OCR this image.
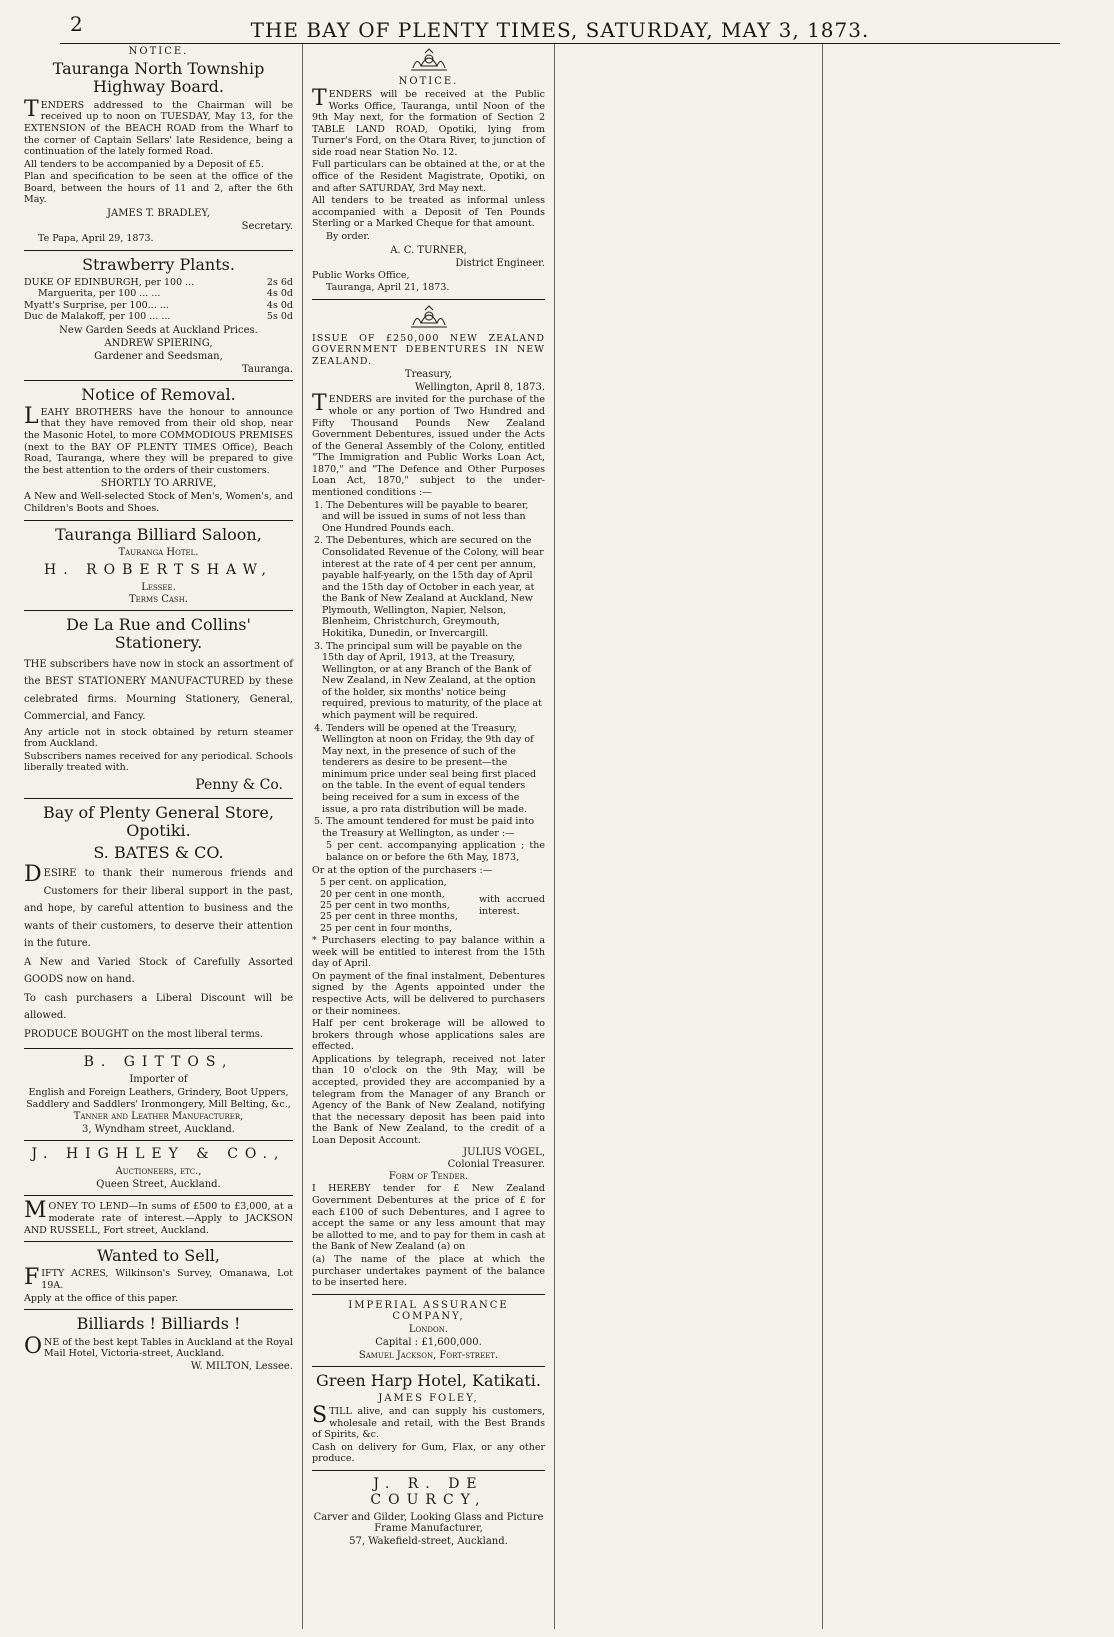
2	THE BAY OF PLENTY TIMES, SATURDAY, MAY 3, 1873.
NOTICE.
Tauranga North Township Highway Board.

TENDERS addressed to the Chairman will be received up to noon on TUESDAY, May 13, for the EXTENSION of the BEACH ROAD from the Wharf to the corner of Captain Sellars' late Residence, being a continuation of the lately formed Road.

All tenders to be accompanied by a Deposit of £5.

Plan and specification to be seen at the office of the Board, between the hours of 11 and 2, after the 6th May.

JAMES T. BRADLEY,

Secretary.

Te Papa, April 29, 1873.

Strawberry Plants.
DUKE OF EDINBURGH, per 100 ...	2s 6d
Marguerita, per 100 ... ...	4s 0d
Myatt's Surprise, per 100... ...	4s 0d
Duc de Malakoff, per 100 ... ...	5s 0d

New Garden Seeds at Auckland Prices.

ANDREW SPIERING,

Gardener and Seedsman,

Tauranga.

Notice of Removal.

LEAHY BROTHERS have the honour to announce that they have removed from their old shop, near the Masonic Hotel, to more COMMODIOUS PREMISES (next to the BAY OF PLENTY TIMES Office), Beach Road, Tauranga, where they will be prepared to give the best attention to the orders of their customers.

SHORTLY TO ARRIVE,

A New and Well-selected Stock of Men's, Women's, and Children's Boots and Shoes.

Tauranga Billiard Saloon,
Tauranga Hotel.
H. ROBERTSHAW,
Lessee.
Terms Cash.
De La Rue and Collins' Stationery.

THE subscribers have now in stock an assortment of the BEST STATIONERY MANUFACTURED by these celebrated firms. Mourning Stationery, General, Commercial, and Fancy.

Any article not in stock obtained by return steamer from Auckland.

Subscribers names received for any periodical. Schools liberally treated with.

Penny & Co.

Bay of Plenty General Store, Opotiki.
S. BATES & CO.

DESIRE to thank their numerous friends and Customers for their liberal support in the past, and hope, by careful attention to business and the wants of their customers, to deserve their attention in the future.

A New and Varied Stock of Carefully Assorted GOODS now on hand.

To cash purchasers a Liberal Discount will be allowed.

PRODUCE BOUGHT on the most liberal terms.

B. GITTOS,

Importer of

English and Foreign Leathers, Grindery, Boot Uppers, Saddlery and Saddlers' Ironmongery, Mill Belting, &c.,

Tanner and Leather Manufacturer,

3, Wyndham street, Auckland.

J. HIGHLEY & CO.,

Auctioneers, etc.,

Queen Street, Auckland.

MONEY TO LEND—In sums of £500 to £3,000, at a moderate rate of interest.—Apply to JACKSON AND RUSSELL, Fort street, Auckland.

Wanted to Sell,

FIFTY ACRES, Wilkinson's Survey, Omanawa, Lot 19A.

Apply at the office of this paper.

Billiards ! Billiards !

ONE of the best kept Tables in Auckland at the Royal Mail Hotel, Victoria-street, Auckland.

W. MILTON, Lessee.

NOTICE.

TENDERS will be received at the Public Works Office, Tauranga, until Noon of the 9th May next, for the formation of Section 2 TABLE LAND ROAD, Opotiki, lying from Turner's Ford, on the Otara River, to junction of side road near Station No. 12.

Full particulars can be obtained at the, or at the office of the Resident Magistrate, Opotiki, on and after SATURDAY, 3rd May next.

All tenders to be treated as informal unless accompanied with a Deposit of Ten Pounds Sterling or a Marked Cheque for that amount.

By order.

A. C. TURNER,

District Engineer.

Public Works Office,

Tauranga, April 21, 1873.

ISSUE OF £250,000 NEW ZEALAND GOVERNMENT DEBENTURES IN NEW ZEALAND.

Treasury,

Wellington, April 8, 1873.

TENDERS are invited for the purchase of the whole or any portion of Two Hundred and Fifty Thousand Pounds New Zealand Government Debentures, issued under the Acts of the General Assembly of the Colony, entitled "The Immigration and Public Works Loan Act, 1870," and "The Defence and Other Purposes Loan Act, 1870," subject to the under-mentioned conditions :—

1. The Debentures will be payable to bearer, and will be issued in sums of not less than One Hundred Pounds each.

2. The Debentures, which are secured on the Consolidated Revenue of the Colony, will bear interest at the rate of 4 per cent per annum, payable half-yearly, on the 15th day of April and the 15th day of October in each year, at the Bank of New Zealand at Auckland, New Plymouth, Wellington, Napier, Nelson, Blenheim, Christchurch, Greymouth, Hokitika, Dunedin, or Invercargill.

3. The principal sum will be payable on the 15th day of April, 1913, at the Treasury, Wellington, or at any Branch of the Bank of New Zealand, in New Zealand, at the option of the holder, six months' notice being required, previous to maturity, of the place at which payment will be required.

4. Tenders will be opened at the Treasury, Wellington at noon on Friday, the 9th day of May next, in the presence of such of the tenderers as desire to be present—the minimum price under seal being first placed on the table. In the event of equal tenders being received for a sum in excess of the issue, a pro rata distribution will be made.

5. The amount tendered for must be paid into the Treasury at Wellington, as under :—

5 per cent. accompanying application ; the balance on or before the 6th May, 1873,

Or at the option of the purchasers :—

5 per cent. on application,
20 per cent in one month,
25 per cent in two months,
25 per cent in three months,
25 per cent in four months,
with accrued interest.

* Purchasers electing to pay balance within a week will be entitled to interest from the 15th day of April.

On payment of the final instalment, Debentures signed by the Agents appointed under the respective Acts, will be delivered to purchasers or their nominees.

Half per cent brokerage will be allowed to brokers through whose applications sales are effected.

Applications by telegraph, received not later than 10 o'clock on the 9th May, will be accepted, provided they are accompanied by a telegram from the Manager of any Branch or Agency of the Bank of New Zealand, notifying that the necessary deposit has been paid into the Bank of New Zealand, to the credit of a Loan Deposit Account.

JULIUS VOGEL,

Colonial Treasurer.

Form of Tender.

I HEREBY tender for £ New Zealand Government Debentures at the price of £ for each £100 of such Debentures, and I agree to accept the same or any less amount that may be allotted to me, and to pay for them in cash at the Bank of New Zealand (a) on

(a) The name of the place at which the purchaser undertakes payment of the balance to be inserted here.

IMPERIAL ASSURANCE COMPANY,

London.

Capital : £1,600,000.

Samuel Jackson, Fort-street.

Green Harp Hotel, Katikati.

JAMES FOLEY,

STILL alive, and can supply his customers, wholesale and retail, with the Best Brands of Spirits, &c.

Cash on delivery for Gum, Flax, or any other produce.

J. R. DE COURCY,

Carver and Gilder, Looking Glass and Picture Frame Manufacturer,

57, Wakefield-street, Auckland.
